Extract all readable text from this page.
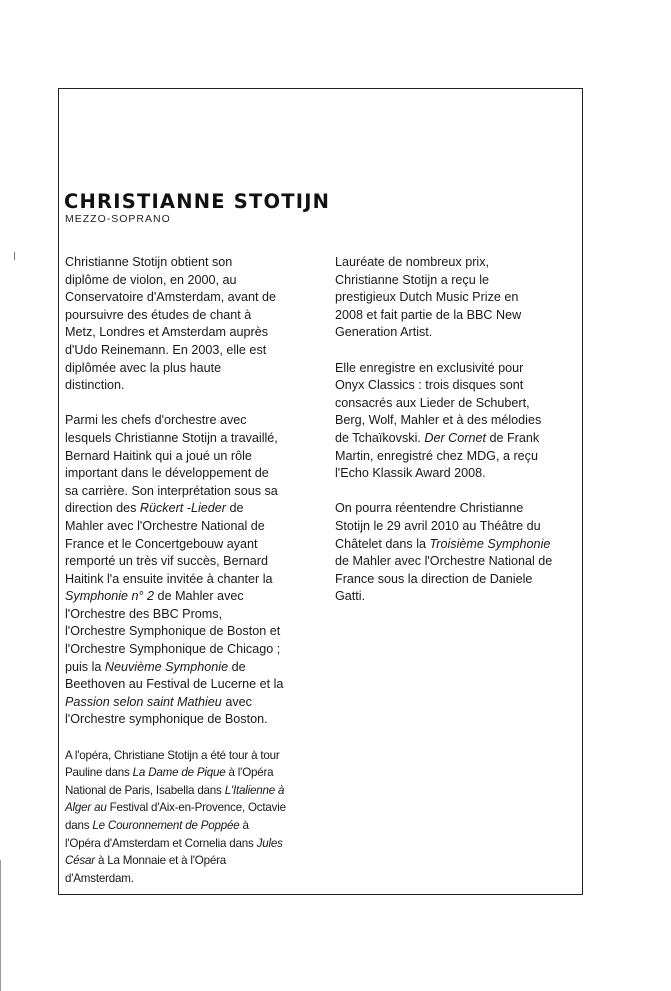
​
CHRISTIANNE STOTIJN
MEZZO-SOPRANO

Christianne Stotijn obtient son
diplôme de violon, en 2000, au
Conservatoire d'Amsterdam, avant de
poursuivre des études de chant à
Metz, Londres et Amsterdam auprès
d'Udo Reinemann. En 2003, elle est
diplômée avec la plus haute
distinction.

Parmi les chefs d'orchestre avec
lesquels Christianne Stotijn a travaillé,
Bernard Haitink qui a joué un rôle
important dans le développement de
sa carrière. Son interprétation sous sa
direction des Rückert -Lieder de
Mahler avec l'Orchestre National de
France et le Concertgebouw ayant
remporté un très vif succès, Bernard
Haitink l'a ensuite invitée à chanter la
Symphonie n° 2 de Mahler avec
l'Orchestre des BBC Proms,
l'Orchestre Symphonique de Boston et
l'Orchestre Symphonique de Chicago ;
puis la Neuvième Symphonie de
Beethoven au Festival de Lucerne et la
Passion selon saint Mathieu avec
l'Orchestre symphonique de Boston.

A l'opéra, Christiane Stotijn a été tour à tour
Pauline dans La Dame de Pique à l'Opéra
National de Paris, Isabella dans L'Italienne à
Alger au Festival d'Aix-en-Provence, Octavie
dans Le Couronnement de Poppée à
l'Opéra d'Amsterdam et Cornelia dans Jules
César à La Monnaie et à l'Opéra
d'Amsterdam.

Lauréate de nombreux prix,
Christianne Stotijn a reçu le
prestigieux Dutch Music Prize en
2008 et fait partie de la BBC New
Generation Artist.

Elle enregistre en exclusivité pour
Onyx Classics : trois disques sont
consacrés aux Lieder de Schubert,
Berg, Wolf, Mahler et à des mélodies
de Tchaïkovski. Der Cornet de Frank
Martin, enregistré chez MDG, a reçu
l'Echo Klassik Award 2008.

On pourra réentendre Christianne
Stotijn le 29 avril 2010 au Théâtre du
Châtelet dans la Troisième Symphonie
de Mahler avec l'Orchestre National de
France sous la direction de Daniele
Gatti.
